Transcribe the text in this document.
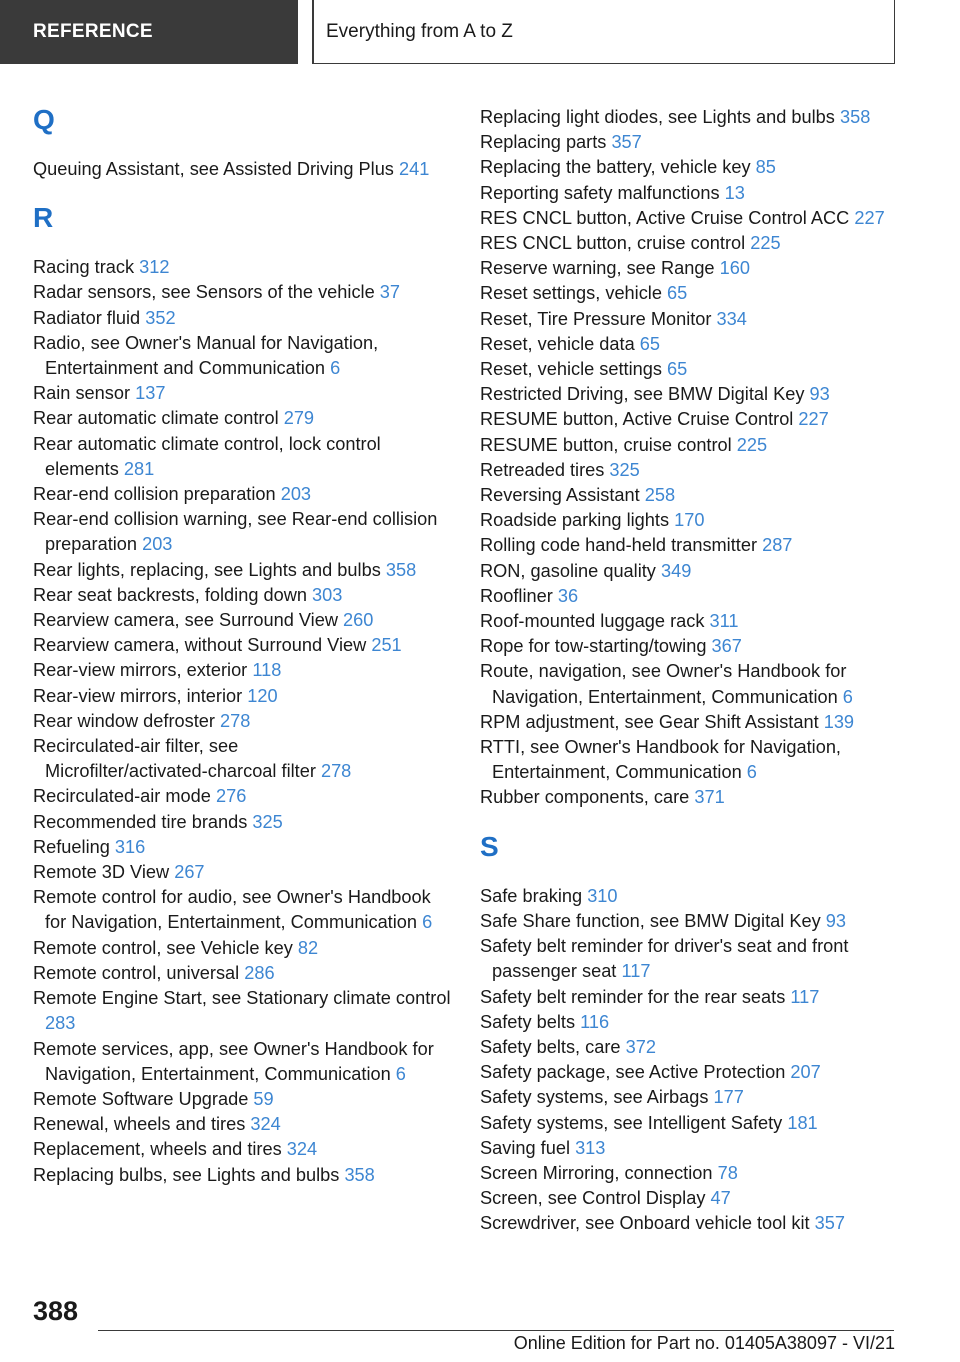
REFERENCE	Everything from A to Z
Q
Queuing Assistant, see Assisted Driving Plus 241
R
Racing track 312
Radar sensors, see Sensors of the vehicle 37
Radiator fluid 352
Radio, see Owner's Manual for Navigation, Entertainment and Communication 6
Rain sensor 137
Rear automatic climate control 279
Rear automatic climate control, lock control elements 281
Rear‑end collision preparation 203
Rear‑end collision warning, see Rear‑end collision preparation 203
Rear lights, replacing, see Lights and bulbs 358
Rear seat backrests, folding down 303
Rearview camera, see Surround View 260
Rearview camera, without Surround View 251
Rear‑view mirrors, exterior 118
Rear‑view mirrors, interior 120
Rear window defroster 278
Recirculated‑air filter, see Microfilter/activated‑charcoal filter 278
Recirculated‑air mode 276
Recommended tire brands 325
Refueling 316
Remote 3D View 267
Remote control for audio, see Owner's Handbook for Navigation, Entertainment, Communication 6
Remote control, see Vehicle key 82
Remote control, universal 286
Remote Engine Start, see Stationary climate control 283
Remote services, app, see Owner's Handbook for Navigation, Entertainment, Communication 6
Remote Software Upgrade 59
Renewal, wheels and tires 324
Replacement, wheels and tires 324
Replacing bulbs, see Lights and bulbs 358
Replacing light diodes, see Lights and bulbs 358
Replacing parts 357
Replacing the battery, vehicle key 85
Reporting safety malfunctions 13
RES CNCL button, Active Cruise Control ACC 227
RES CNCL button, cruise control 225
Reserve warning, see Range 160
Reset settings, vehicle 65
Reset, Tire Pressure Monitor 334
Reset, vehicle data 65
Reset, vehicle settings 65
Restricted Driving, see BMW Digital Key 93
RESUME button, Active Cruise Control 227
RESUME button, cruise control 225
Retreaded tires 325
Reversing Assistant 258
Roadside parking lights 170
Rolling code hand‑held transmitter 287
RON, gasoline quality 349
Roofliner 36
Roof‑mounted luggage rack 311
Rope for tow‑starting/towing 367
Route, navigation, see Owner's Handbook for Navigation, Entertainment, Communication 6
RPM adjustment, see Gear Shift Assistant 139
RTTI, see Owner's Handbook for Navigation, Entertainment, Communication 6
Rubber components, care 371
S
Safe braking 310
Safe Share function, see BMW Digital Key 93
Safety belt reminder for driver's seat and front passenger seat 117
Safety belt reminder for the rear seats 117
Safety belts 116
Safety belts, care 372
Safety package, see Active Protection 207
Safety systems, see Airbags 177
Safety systems, see Intelligent Safety 181
Saving fuel 313
Screen Mirroring, connection 78
Screen, see Control Display 47
Screwdriver, see Onboard vehicle tool kit 357
388
Online Edition for Part no. 01405A38097 - VI/21
